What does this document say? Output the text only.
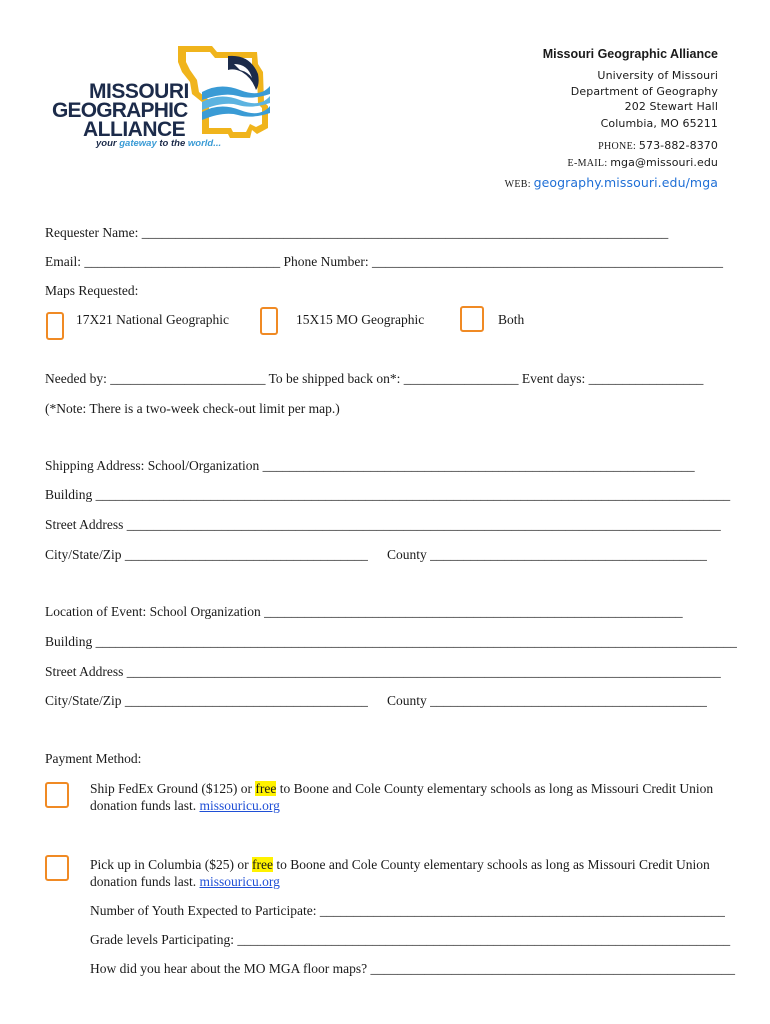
MISSOURI
GEOGRAPHIC
ALLIANCE
your gateway to the world...
Missouri Geographic Alliance
University of Missouri
Department of Geography
202 Stewart Hall
Columbia, MO 65211
PHONE: 573-882-8370
E-MAIL: mga@missouri.edu
WEB: geography.missouri.edu/mga
Requester Name: ______________________________________________________________________________
Email: _____________________________ Phone Number: ____________________________________________________
Maps Requested:
17X21 National Geographic	15X15 MO Geographic	Both
Needed by: _______________________ To be shipped back on*: _________________ Event days: _________________
(*Note: There is a two-week check-out limit per map.)
Shipping Address: School/Organization ________________________________________________________________
Building ______________________________________________________________________________________________
Street Address ________________________________________________________________________________________
City/State/Zip ____________________________________ County _________________________________________
Location of Event: School Organization ______________________________________________________________
Building _______________________________________________________________________________________________
Street Address ________________________________________________________________________________________
City/State/Zip ____________________________________ County _________________________________________
Payment Method:
Ship FedEx Ground ($125) or free to Boone and Cole County elementary schools as long as Missouri Credit Union donation funds last. missouricu.org
Pick up in Columbia ($25) or free to Boone and Cole County elementary schools as long as Missouri Credit Union donation funds last. missouricu.org
Number of Youth Expected to Participate: ____________________________________________________________
Grade levels Participating: _________________________________________________________________________
How did you hear about the MO MGA floor maps? ______________________________________________________
